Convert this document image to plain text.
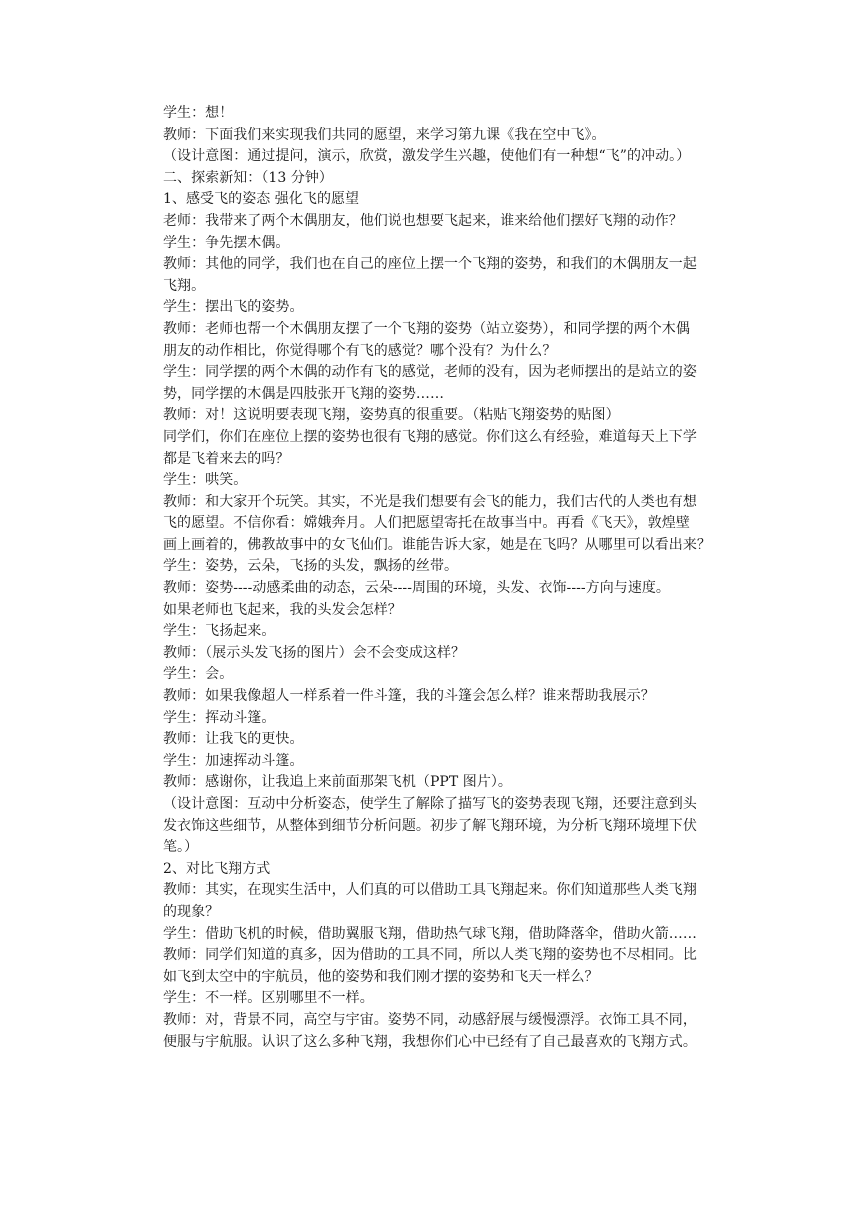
学生：想！

教师：下面我们来实现我们共同的愿望，来学习第九课《我在空中飞》。

（设计意图：通过提问，演示，欣赏，激发学生兴趣，使他们有一种想“飞”的冲动。）

二、探索新知：（13 分钟）

1、感受飞的姿态 强化飞的愿望

老师：我带来了两个木偶朋友，他们说也想要飞起来，谁来给他们摆好飞翔的动作？

学生：争先摆木偶。

教师：其他的同学，我们也在自己的座位上摆一个飞翔的姿势，和我们的木偶朋友一起

飞翔。

学生：摆出飞的姿势。

教师：老师也帮一个木偶朋友摆了一个飞翔的姿势（站立姿势），和同学摆的两个木偶

朋友的动作相比，你觉得哪个有飞的感觉？哪个没有？为什么？

学生：同学摆的两个木偶的动作有飞的感觉，老师的没有，因为老师摆出的是站立的姿

势，同学摆的木偶是四肢张开飞翔的姿势……

教师：对！这说明要表现飞翔，姿势真的很重要。（粘贴飞翔姿势的贴图）

同学们，你们在座位上摆的姿势也很有飞翔的感觉。你们这么有经验，难道每天上下学

都是飞着来去的吗？

学生：哄笑。

教师：和大家开个玩笑。其实，不光是我们想要有会飞的能力，我们古代的人类也有想

飞的愿望。不信你看：嫦娥奔月。人们把愿望寄托在故事当中。再看《飞天》，敦煌壁

画上画着的，佛教故事中的女飞仙们。谁能告诉大家，她是在飞吗？从哪里可以看出来？

学生：姿势，云朵，飞扬的头发，飘扬的丝带。

教师：姿势----动感柔曲的动态，云朵----周围的环境，头发、衣饰----方向与速度。

如果老师也飞起来，我的头发会怎样？

学生：飞扬起来。

教师：（展示头发飞扬的图片）会不会变成这样？

学生：会。

教师：如果我像超人一样系着一件斗篷，我的斗篷会怎么样？谁来帮助我展示？

学生：挥动斗篷。

教师：让我飞的更快。

学生：加速挥动斗篷。

教师：感谢你，让我追上来前面那架飞机（PPT 图片）。

（设计意图：互动中分析姿态，使学生了解除了描写飞的姿势表现飞翔，还要注意到头

发衣饰这些细节，从整体到细节分析问题。初步了解飞翔环境，为分析飞翔环境埋下伏

笔。）

2、对比飞翔方式

教师：其实，在现实生活中，人们真的可以借助工具飞翔起来。你们知道那些人类飞翔

的现象？

学生：借助飞机的时候，借助翼服飞翔，借助热气球飞翔，借助降落伞，借助火箭……

教师：同学们知道的真多，因为借助的工具不同，所以人类飞翔的姿势也不尽相同。比

如飞到太空中的宇航员，他的姿势和我们刚才摆的姿势和飞天一样么？

学生：不一样。区别哪里不一样。

教师：对，背景不同，高空与宇宙。姿势不同，动感舒展与缓慢漂浮。衣饰工具不同，

便服与宇航服。认识了这么多种飞翔，我想你们心中已经有了自己最喜欢的飞翔方式。
